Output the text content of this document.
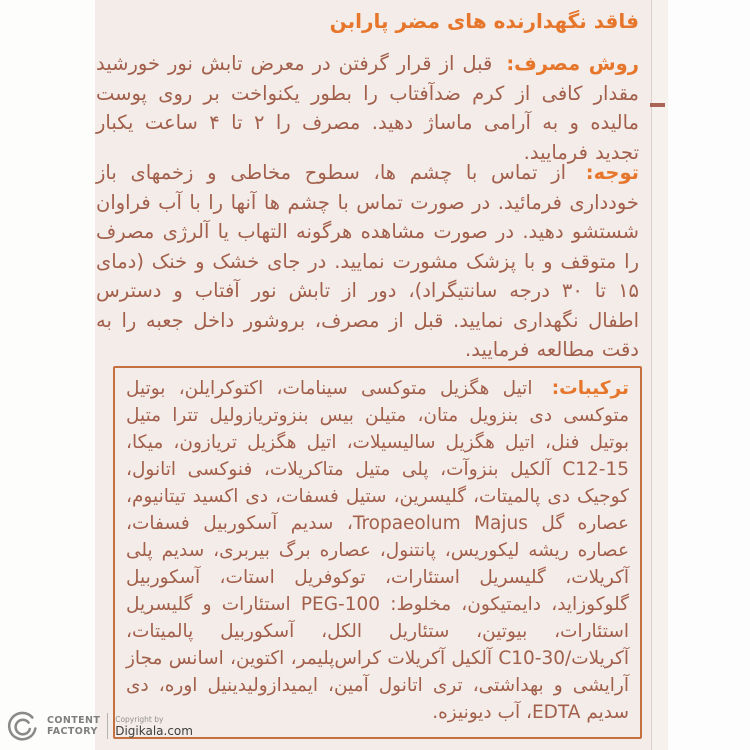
فاقد نگهدارنده های مضر پارابن

روش مصرف: قبل از قرار گرفتن در معرض تابش نور خورشید مقدار کافی از کرم ضدآفتاب را بطور یکنواخت بر روی پوست مالیده و به آرامی ماساژ دهید. مصرف را ۲ تا ۴ ساعت یکبار تجدید فرمایید.

توجه: از تماس با چشم ها، سطوح مخاطی و زخمهای باز خودداری فرمائید. در صورت تماس با چشم ها آنها را با آب فراوان شستشو دهید. در صورت مشاهده هرگونه التهاب یا آلرژی مصرف را متوقف و با پزشک مشورت نمایید. در جای خشک و خنک (دمای ۱۵ تا ۳۰ درجه سانتیگراد)، دور از تابش نور آفتاب و دسترس اطفال نگهداری نمایید. قبل از مصرف، بروشور داخل جعبه را به دقت مطالعه فرمایید.

ترکیبات: اتیل هگزیل متوکسی سینامات، اکتوکرایلن، بوتیل متوکسی دی بنزویل متان، متیلن بیس بنزوتریازولیل تترا متیل بوتیل فنل، اتیل هگزیل سالیسیلات، اتیل هگزیل تریازون، میکا، C12-15 آلکیل بنزوآت، پلی متیل متاکریلات، فنوکسی اتانول، کوجیک دی پالمیتات، گلیسرین، ستیل فسفات، دی اکسید تیتانیوم، عصاره گل Tropaeolum Majus، سدیم آسکوربیل فسفات، عصاره ریشه لیکوریس، پانتنول، عصاره برگ بیربری، سدیم پلی آکریلات، گلیسریل استئارات، توکوفریل استات، آسکوربیل گلوکوزاید، دایمتیکون، مخلوط: PEG-100 استئارات و گلیسریل استئارات، بیوتین، ستئاریل الکل، آسکوربیل پالمیتات، آکریلات/C10-30 آلکیل آکریلات کراس‌پلیمر، اکتوین، اسانس مجاز آرایشی و بهداشتی، تری اتانول آمین، ایمیدازولیدینیل اوره، دی سدیم EDTA، آب دیونیزه.

CONTENT
FACTORY
Copyright by
Digikala.com
